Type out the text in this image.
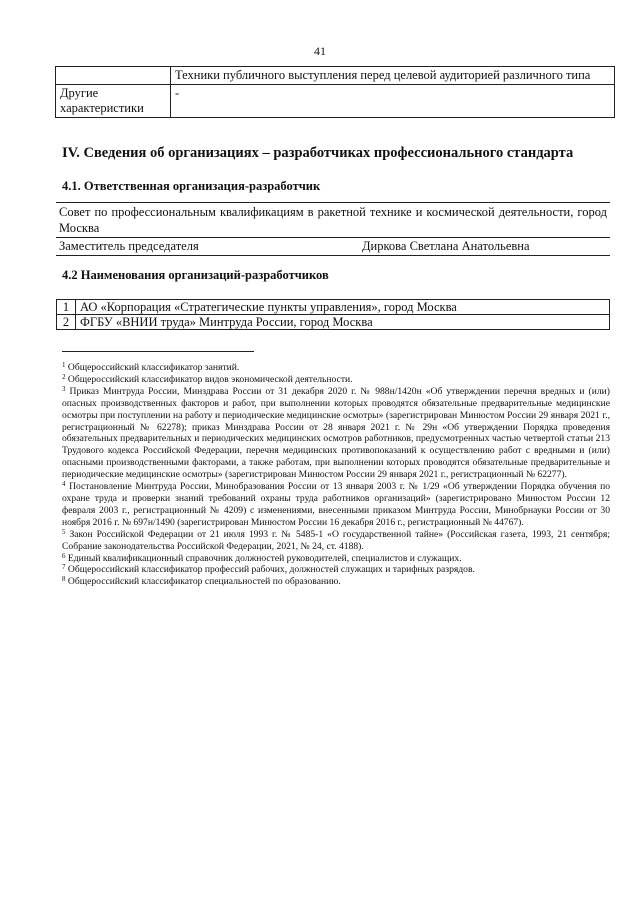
41
	Техники публичного выступления перед целевой аудиторией различного типа
Другие характеристики	-
IV. Сведения об организациях – разработчиках профессионального стандарта
4.1. Ответственная организация-разработчик
Совет по профессиональным квалификациям в ракетной технике и космической деятельности, город Москва
Заместитель председателя	Диркова Светлана Анатольевна
4.2 Наименования организаций-разработчиков
1	АО «Корпорация «Стратегические пункты управления», город Москва
2	ФГБУ «ВНИИ труда» Минтруда России, город Москва

$^1$ Общероссийский классификатор занятий.

$^2$ Общероссийский классификатор видов экономической деятельности.

$^3$ Приказ Минтруда России, Минздрава России от 31 декабря 2020 г. № 988н/1420н «Об утверждении перечня вредных и (или) опасных производственных факторов и работ, при выполнении которых проводятся обязательные предварительные медицинские осмотры при поступлении на работу и периодические медицинские осмотры» (зарегистрирован Минюстом России 29 января 2021 г., регистрационный № 62278); приказ Минздрава России от 28 января 2021 г. № 29н «Об утверждении Порядка проведения обязательных предварительных и периодических медицинских осмотров работников, предусмотренных частью четвертой статьи 213 Трудового кодекса Российской Федерации, перечня медицинских противопоказаний к осуществлению работ с вредными и (или) опасными производственными факторами, а также работам, при выполнении которых проводятся обязательные предварительные и периодические медицинские осмотры» (зарегистрирован Минюстом России 29 января 2021 г., регистрационный № 62277).

$^4$ Постановление Минтруда России, Минобразования России от 13 января 2003 г. № 1/29 «Об утверждении Порядка обучения по охране труда и проверки знаний требований охраны труда работников организаций» (зарегистрировано Минюстом России 12 февраля 2003 г., регистрационный № 4209) с изменениями, внесенными приказом Минтруда России, Минобрнауки России от 30 ноября 2016 г. № 697н/1490 (зарегистрирован Минюстом России 16 декабря 2016 г., регистрационный № 44767).

$^5$ Закон Российской Федерации от 21 июля 1993 г. № 5485-1 «О государственной тайне» (Российская газета, 1993, 21 сентября; Собрание законодательства Российской Федерации, 2021, № 24, ст. 4188).

$^6$ Единый квалификационный справочник должностей руководителей, специалистов и служащих.

$^7$ Общероссийский классификатор профессий рабочих, должностей служащих и тарифных разрядов.

$^8$ Общероссийский классификатор специальностей по образованию.
